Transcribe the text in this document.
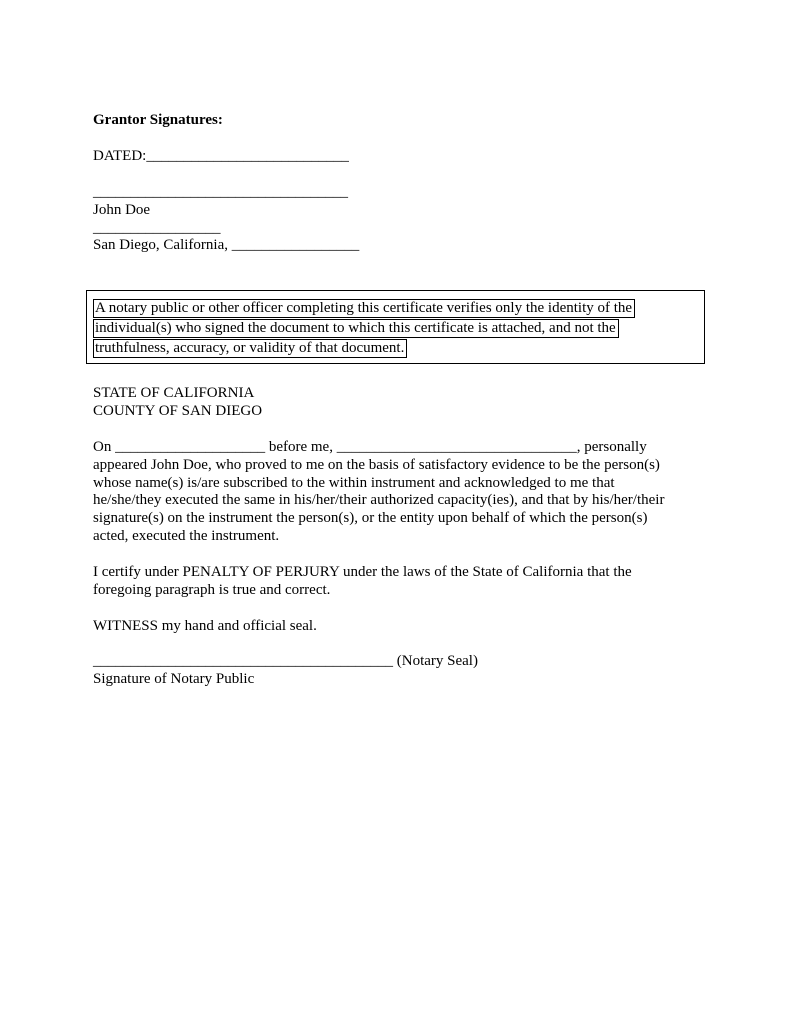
Grantor Signatures:
DATED:___________________________
__________________________________
John Doe
_________________
San Diego, California, _________________
A notary public or other officer completing this certificate verifies only the identity of the
individual(s) who signed the document to which this certificate is attached, and not the
truthfulness, accuracy, or validity of that document.
STATE OF CALIFORNIA
COUNTY OF SAN DIEGO
On ____________________ before me, ________________________________, personally
appeared John Doe, who proved to me on the basis of satisfactory evidence to be the person(s)
whose name(s) is/are subscribed to the within instrument and acknowledged to me that
he/she/they executed the same in his/her/their authorized capacity(ies), and that by his/her/their
signature(s) on the instrument the person(s), or the entity upon behalf of which the person(s)
acted, executed the instrument.
I certify under PENALTY OF PERJURY under the laws of the State of California that the
foregoing paragraph is true and correct.
WITNESS my hand and official seal.
________________________________________ (Notary Seal)
Signature of Notary Public
